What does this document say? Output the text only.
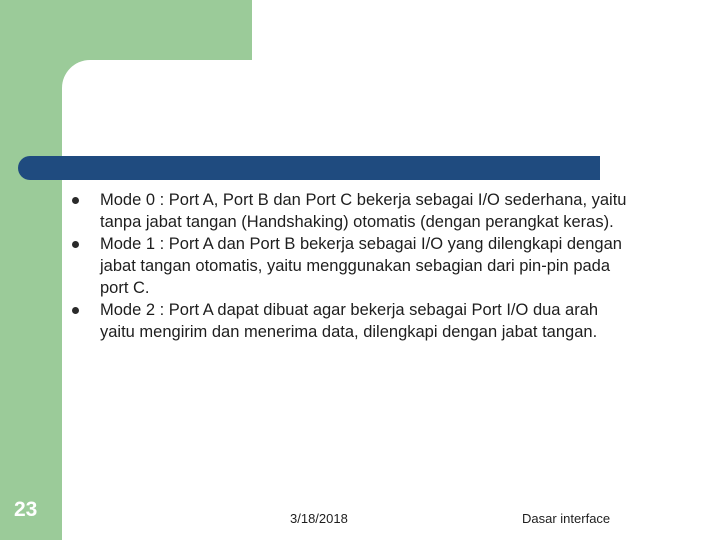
Mode 0 : Port A, Port B dan Port C bekerja sebagai I/O sederhana, yaitu tanpa jabat tangan (Handshaking) otomatis (dengan perangkat keras).
Mode 1 : Port A dan Port B bekerja sebagai I/O yang dilengkapi dengan jabat tangan otomatis, yaitu menggunakan sebagian dari pin-pin pada port C.
Mode 2 : Port A dapat dibuat agar bekerja sebagai Port I/O dua arah yaitu mengirim dan menerima data, dilengkapi dengan jabat tangan.
23	3/18/2018	Dasar interface
